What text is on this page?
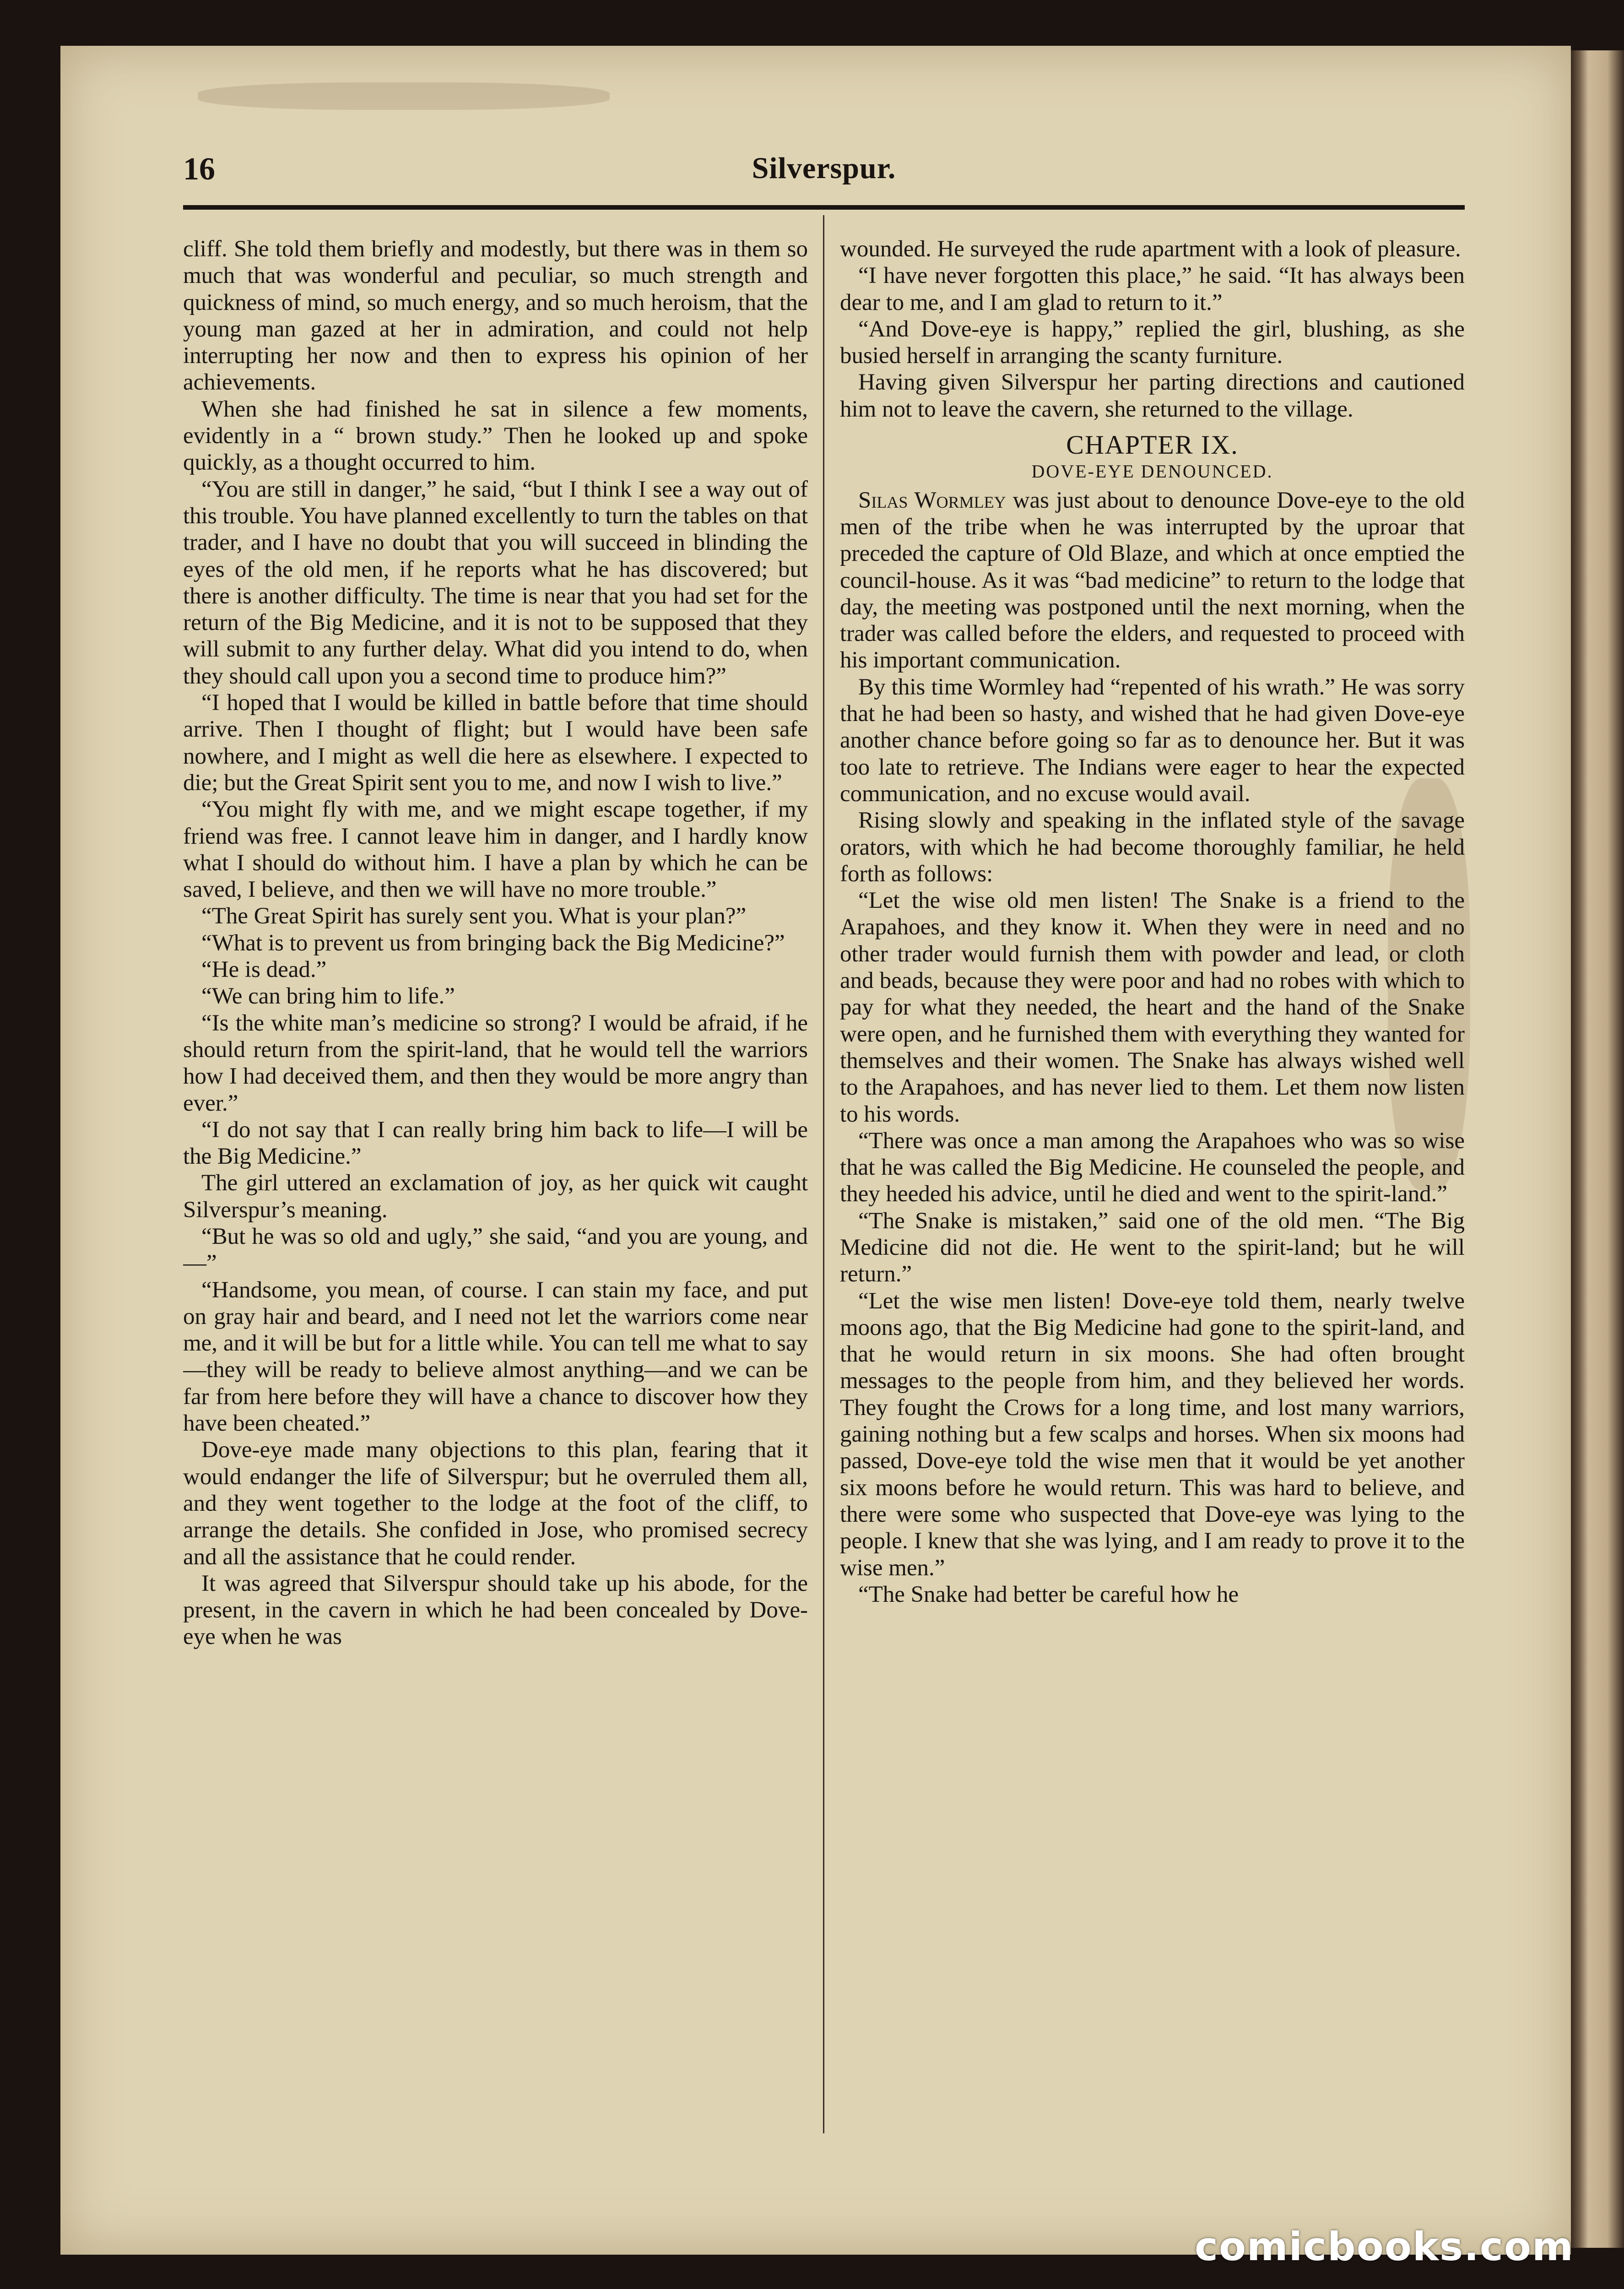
16	Silverspur.

cliff. She told them briefly and modestly, but there was in them so much that was wonderful and peculiar, so much strength and quickness of mind, so much energy, and so much heroism, that the young man gazed at her in admiration, and could not help interrupting her now and then to express his opinion of her achievements.

When she had finished he sat in silence a few moments, evidently in a “ brown study.” Then he looked up and spoke quickly, as a thought occurred to him.

“You are still in danger,” he said, “but I think I see a way out of this trouble. You have planned excellently to turn the tables on that trader, and I have no doubt that you will succeed in blinding the eyes of the old men, if he reports what he has discovered; but there is another difficulty. The time is near that you had set for the return of the Big Medicine, and it is not to be supposed that they will submit to any further delay. What did you intend to do, when they should call upon you a second time to produce him?”

“I hoped that I would be killed in battle before that time should arrive. Then I thought of flight; but I would have been safe nowhere, and I might as well die here as elsewhere. I expected to die; but the Great Spirit sent you to me, and now I wish to live.”

“You might fly with me, and we might escape together, if my friend was free. I cannot leave him in danger, and I hardly know what I should do without him. I have a plan by which he can be saved, I believe, and then we will have no more trouble.”

“The Great Spirit has surely sent you. What is your plan?”

“What is to prevent us from bringing back the Big Medicine?”

“He is dead.”

“We can bring him to life.”

“Is the white man’s medicine so strong? I would be afraid, if he should return from the spirit-land, that he would tell the warriors how I had deceived them, and then they would be more angry than ever.”

“I do not say that I can really bring him back to life—I will be the Big Medicine.”

The girl uttered an exclamation of joy, as her quick wit caught Silverspur’s meaning.

“But he was so old and ugly,” she said, “and you are young, and—”

“Handsome, you mean, of course. I can stain my face, and put on gray hair and beard, and I need not let the warriors come near me, and it will be but for a little while. You can tell me what to say—they will be ready to believe almost anything—and we can be far from here before they will have a chance to discover how they have been cheated.”

Dove-eye made many objections to this plan, fearing that it would endanger the life of Silverspur; but he overruled them all, and they went together to the lodge at the foot of the cliff, to arrange the details. She confided in Jose, who promised secrecy and all the assistance that he could render.

It was agreed that Silverspur should take up his abode, for the present, in the cavern in which he had been concealed by Dove-eye when he was

wounded. He surveyed the rude apartment with a look of pleasure.

“I have never forgotten this place,” he said. “It has always been dear to me, and I am glad to return to it.”

“And Dove-eye is happy,” replied the girl, blushing, as she busied herself in arranging the scanty furniture.

Having given Silverspur her parting directions and cautioned him not to leave the cavern, she returned to the village.

CHAPTER IX.
DOVE-EYE DENOUNCED.

Silas Wormley was just about to denounce Dove-eye to the old men of the tribe when he was interrupted by the uproar that preceded the capture of Old Blaze, and which at once emptied the council-house. As it was “bad medicine” to return to the lodge that day, the meeting was postponed until the next morning, when the trader was called before the elders, and requested to proceed with his important communication.

By this time Wormley had “repented of his wrath.” He was sorry that he had been so hasty, and wished that he had given Dove-eye another chance before going so far as to denounce her. But it was too late to retrieve. The Indians were eager to hear the expected communication, and no excuse would avail.

Rising slowly and speaking in the inflated style of the savage orators, with which he had become thoroughly familiar, he held forth as follows:

“Let the wise old men listen! The Snake is a friend to the Arapahoes, and they know it. When they were in need and no other trader would furnish them with powder and lead, or cloth and beads, because they were poor and had no robes with which to pay for what they needed, the heart and the hand of the Snake were open, and he furnished them with everything they wanted for themselves and their women. The Snake has always wished well to the Arapahoes, and has never lied to them. Let them now listen to his words.

“There was once a man among the Arapahoes who was so wise that he was called the Big Medicine. He counseled the people, and they heeded his advice, until he died and went to the spirit-land.”

“The Snake is mistaken,” said one of the old men. “The Big Medicine did not die. He went to the spirit-land; but he will return.”

“Let the wise men listen! Dove-eye told them, nearly twelve moons ago, that the Big Medicine had gone to the spirit-land, and that he would return in six moons. She had often brought messages to the people from him, and they believed her words. They fought the Crows for a long time, and lost many warriors, gaining nothing but a few scalps and horses. When six moons had passed, Dove-eye told the wise men that it would be yet another six moons before he would return. This was hard to believe, and there were some who suspected that Dove-eye was lying to the people. I knew that she was lying, and I am ready to prove it to the wise men.”

“The Snake had better be careful how he

comicbooks.com
